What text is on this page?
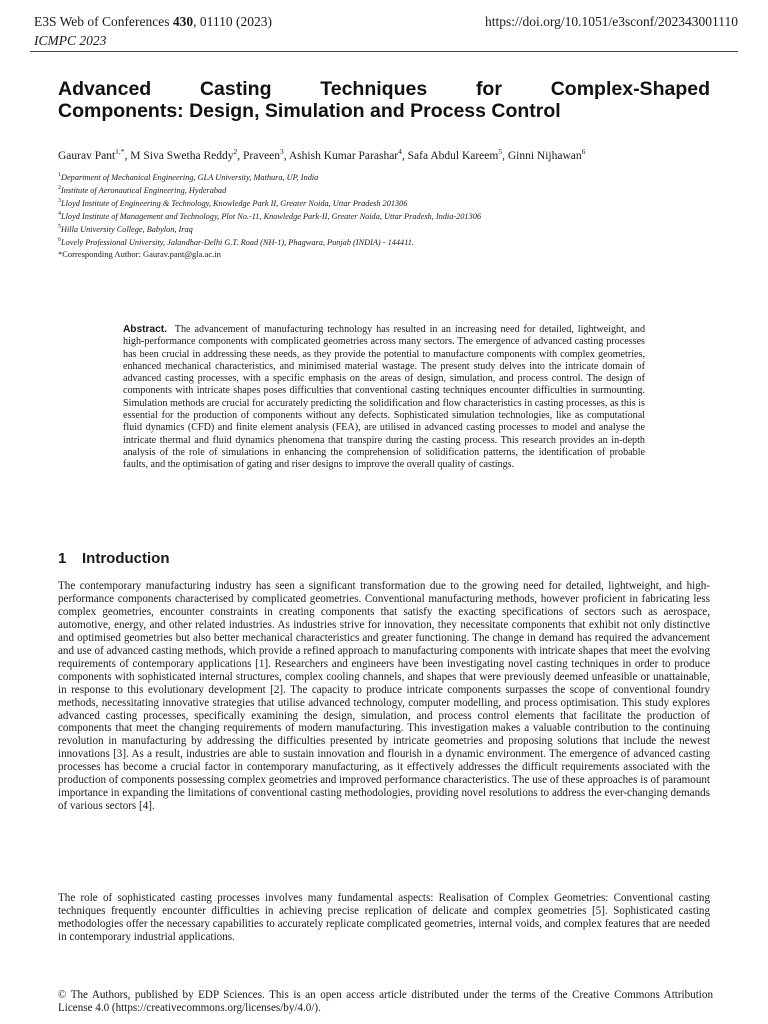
E3S Web of Conferences 430, 01110 (2023)
ICMPC 2023
https://doi.org/10.1051/e3sconf/202343001110
Advanced Casting Techniques for Complex-Shaped
Components: Design, Simulation and Process Control
Gaurav Pant$^{1,*}$, M Siva Swetha Reddy$^2$, Praveen$^3$, Ashish Kumar Parashar$^4$, Safa Abdul Kareem$^5$, Ginni Nijhawan$^6$
$^1$Department of Mechanical Engineering, GLA University, Mathura, UP, India
$^2$Institute of Aeronautical Engineering, Hyderabad
$^3$Lloyd Institute of Engineering & Technology, Knowledge Park II, Greater Noida, Uttar Pradesh 201306
$^4$Lloyd Institute of Management and Technology, Plot No.-11, Knowledge Park-II, Greater Noida, Uttar Pradesh, India-201306
$^5$Hilla University College, Babylon, Iraq
$^6$Lovely Professional University, Jalandhar-Delhi G.T. Road (NH-1), Phagwara, Punjab (INDIA) - 144411.
*Corresponding Author: Gaurav.pant@gla.ac.in
Abstract. The advancement of manufacturing technology has resulted in an increasing need for detailed, lightweight, and high-performance components with complicated geometries across many sectors. The emergence of advanced casting processes has been crucial in addressing these needs, as they provide the potential to manufacture components with complex geometries, enhanced mechanical characteristics, and minimised material wastage. The present study delves into the intricate domain of advanced casting processes, with a specific emphasis on the areas of design, simulation, and process control. The design of components with intricate shapes poses difficulties that conventional casting techniques encounter difficulties in surmounting. Simulation methods are crucial for accurately predicting the solidification and flow characteristics in casting processes, as this is essential for the production of components without any defects. Sophisticated simulation technologies, like as computational fluid dynamics (CFD) and finite element analysis (FEA), are utilised in advanced casting processes to model and analyse the intricate thermal and fluid dynamics phenomena that transpire during the casting process. This research provides an in-depth analysis of the role of simulations in enhancing the comprehension of solidification patterns, the identification of probable faults, and the optimisation of gating and riser designs to improve the overall quality of castings.
1 Introduction
The contemporary manufacturing industry has seen a significant transformation due to the growing need for detailed, lightweight, and high-performance components characterised by complicated geometries. Conventional manufacturing methods, however proficient in fabricating less complex geometries, encounter constraints in creating components that satisfy the exacting specifications of sectors such as aerospace, automotive, energy, and other related industries. As industries strive for innovation, they necessitate components that exhibit not only distinctive and optimised geometries but also better mechanical characteristics and greater functioning. The change in demand has required the advancement and use of advanced casting methods, which provide a refined approach to manufacturing components with intricate shapes that meet the evolving requirements of contemporary applications [1]. Researchers and engineers have been investigating novel casting techniques in order to produce components with sophisticated internal structures, complex cooling channels, and shapes that were previously deemed unfeasible or unattainable, in response to this evolutionary development [2]. The capacity to produce intricate components surpasses the scope of conventional foundry methods, necessitating innovative strategies that utilise advanced technology, computer modelling, and process optimisation. This study explores advanced casting processes, specifically examining the design, simulation, and process control elements that facilitate the production of components that meet the changing requirements of modern manufacturing. This investigation makes a valuable contribution to the continuing revolution in manufacturing by addressing the difficulties presented by intricate geometries and proposing solutions that include the newest innovations [3]. As a result, industries are able to sustain innovation and flourish in a dynamic environment. The emergence of advanced casting processes has become a crucial factor in contemporary manufacturing, as it effectively addresses the difficult requirements associated with the production of components possessing complex geometries and improved performance characteristics. The use of these approaches is of paramount importance in expanding the limitations of conventional casting methodologies, providing novel resolutions to address the ever-changing demands of various sectors [4].
The role of sophisticated casting processes involves many fundamental aspects: Realisation of Complex Geometries: Conventional casting techniques frequently encounter difficulties in achieving precise replication of delicate and complex geometries [5]. Sophisticated casting methodologies offer the necessary capabilities to accurately replicate complicated geometries, internal voids, and complex features that are needed in contemporary industrial applications.
© The Authors, published by EDP Sciences. This is an open access article distributed under the terms of the Creative Commons Attribution License 4.0 (https://creativecommons.org/licenses/by/4.0/).
